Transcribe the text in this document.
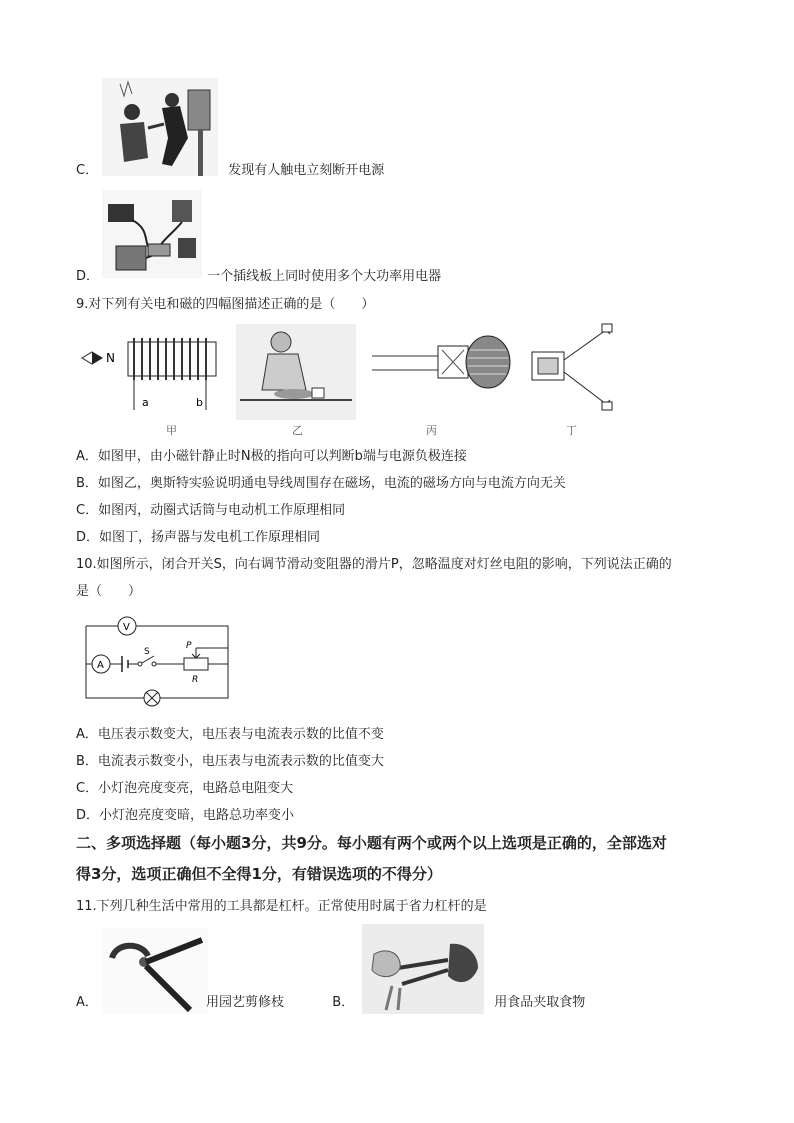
C．	发现有人触电立刻断开电源
D．	一个插线板上同时使用多个大功率用电器
9.对下列有关电和磁的四幅图描述正确的是（　　）
N
a	b
甲	乙	丙	丁
A．如图甲，由小磁针静止时N极的指向可以判断b端与电源负极连接
B．如图乙，奥斯特实验说明通电导线周围存在磁场，电流的磁场方向与电流方向无关
C．如图丙，动圈式话筒与电动机工作原理相同
D．如图丁，扬声器与发电机工作原理相同
10.如图所示，闭合开关S，向右调节滑动变阻器的滑片P，忽略温度对灯丝电阻的影响，下列说法正确的
是（　　）
V
A
S
P
R
A．电压表示数变大，电压表与电流表示数的比值不变
B．电流表示数变小，电压表与电流表示数的比值变大
C．小灯泡亮度变亮，电路总电阻变大
D．小灯泡亮度变暗，电路总功率变小
二、多项选择题（每小题3分，共9分。每小题有两个或两个以上选项是正确的，全部选对
得3分，选项正确但不全得1分，有错误选项的不得分）
11.下列几种生活中常用的工具都是杠杆。正常使用时属于省力杠杆的是
A．	用园艺剪修枝	B．	用食品夹取食物
